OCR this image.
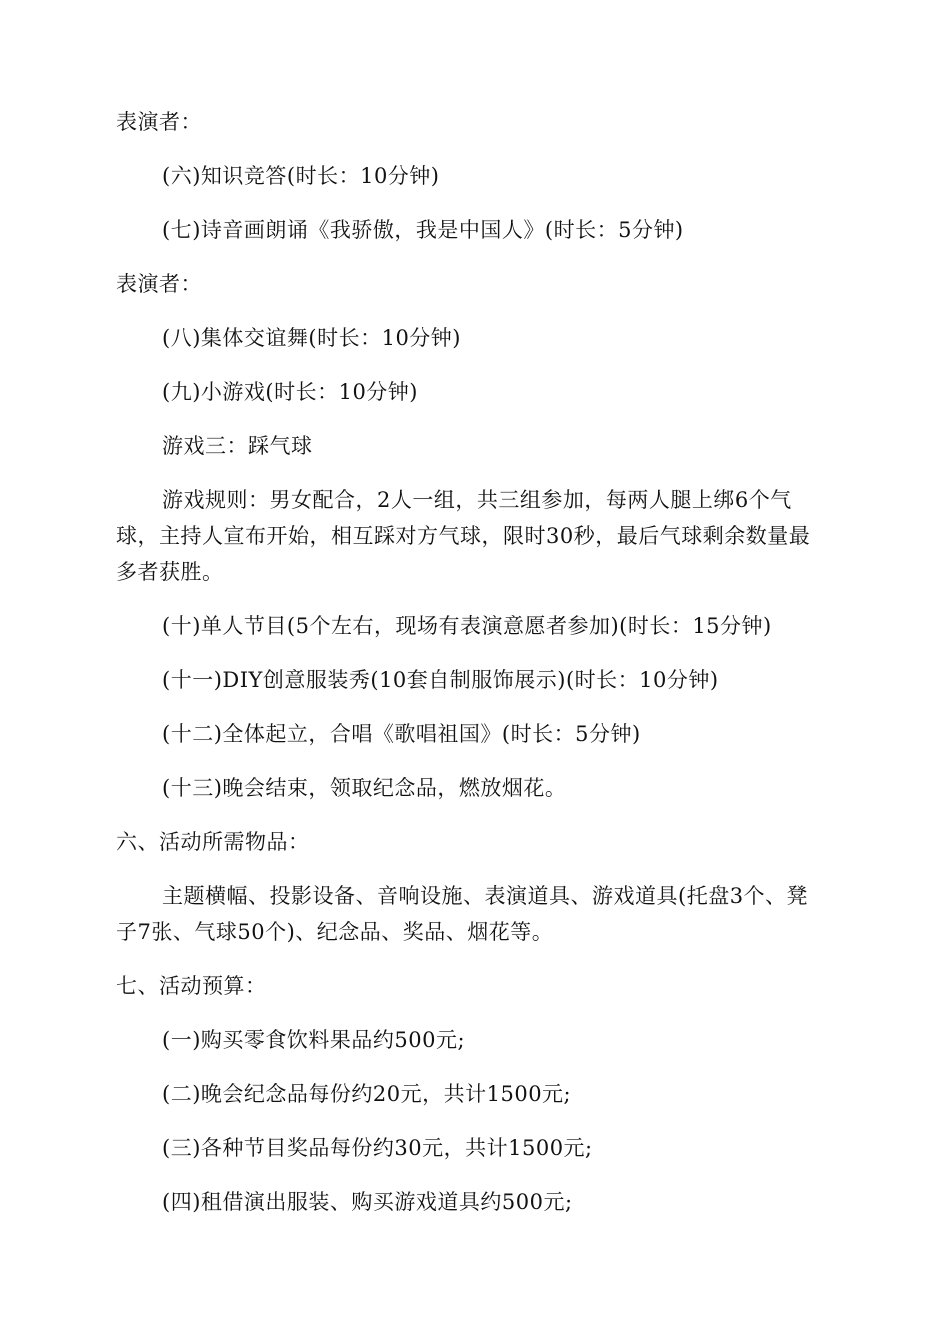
表演者：

(六)知识竞答(时长：10分钟)

(七)诗音画朗诵《我骄傲，我是中国人》(时长：5分钟)

表演者：

(八)集体交谊舞(时长：10分钟)

(九)小游戏(时长：10分钟)

游戏三：踩气球

游戏规则：男女配合，2人一组，共三组参加，每两人腿上绑6个气球，主持人宣布开始，相互踩对方气球，限时30秒，最后气球剩余数量最多者获胜。

(十)单人节目(5个左右，现场有表演意愿者参加)(时长：15分钟)

(十一)DIY创意服装秀(10套自制服饰展示)(时长：10分钟)

(十二)全体起立，合唱《歌唱祖国》(时长：5分钟)

(十三)晚会结束，领取纪念品，燃放烟花。

六、活动所需物品：

主题横幅、投影设备、音响设施、表演道具、游戏道具(托盘3个、凳子7张、气球50个)、纪念品、奖品、烟花等。

七、活动预算：

(一)购买零食饮料果品约500元;

(二)晚会纪念品每份约20元，共计1500元;

(三)各种节目奖品每份约30元，共计1500元;

(四)租借演出服装、购买游戏道具约500元;
